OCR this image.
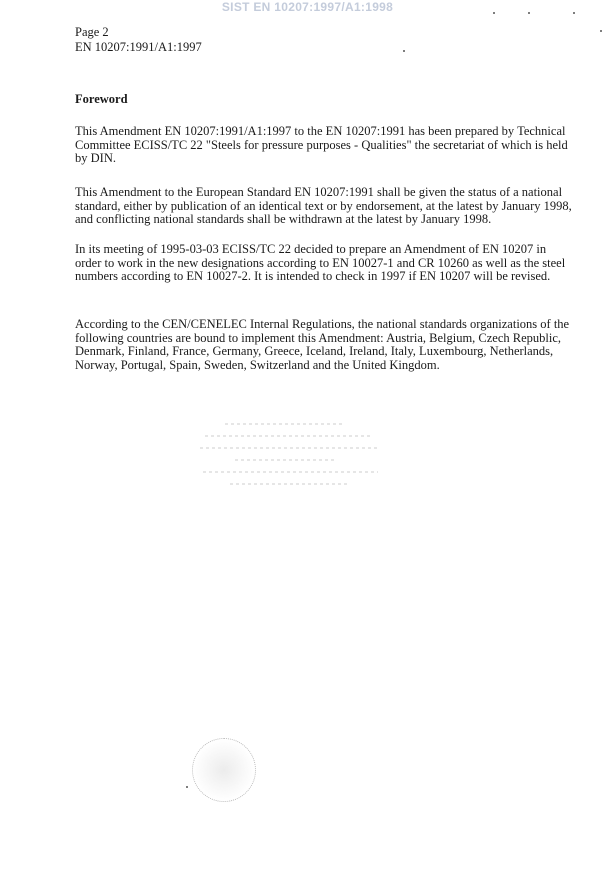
SIST EN 10207:1997/A1:1998
Page 2
EN 10207:1991/A1:1997
Foreword

This Amendment EN 10207:1991/A1:1997 to the EN 10207:1991 has been prepared by Technical Committee ECISS/TC 22 "Steels for pressure purposes - Qualities" the secretariat of which is held by DIN.

This Amendment to the European Standard EN 10207:1991 shall be given the status of a national standard, either by publication of an identical text or by endorsement, at the latest by January 1998, and conflicting national standards shall be withdrawn at the latest by January 1998.

In its meeting of 1995-03-03 ECISS/TC 22 decided to prepare an Amendment of EN 10207 in order to work in the new designations according to EN 10027-1 and CR 10260 as well as the steel numbers according to EN 10027-2. It is intended to check in 1997 if EN 10207 will be revised.

According to the CEN/CENELEC Internal Regulations, the national standards organizations of the following countries are bound to implement this Amendment: Austria, Belgium, Czech Republic, Denmark, Finland, France, Germany, Greece, Iceland, Ireland, Italy, Luxembourg, Netherlands, Norway, Portugal, Spain, Sweden, Switzerland and the United Kingdom.
